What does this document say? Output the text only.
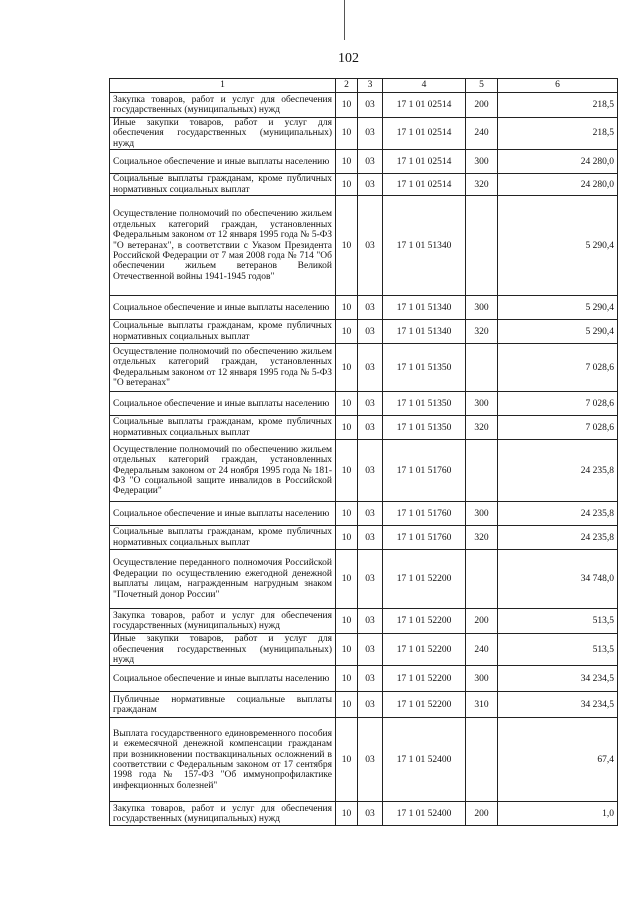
102
1	2	3	4	5	6
Закупка товаров, работ и услуг для обеспечения государственных (муниципальных) нужд	10	03	17 1 01 02514	200	218,5
Иные закупки товаров, работ и услуг для обеспечения государственных (муниципальных) нужд	10	03	17 1 01 02514	240	218,5
Социальное обеспечение и иные выплаты населению	10	03	17 1 01 02514	300	24 280,0
Социальные выплаты гражданам, кроме публичных нормативных социальных выплат	10	03	17 1 01 02514	320	24 280,0
Осуществление полномочий по обеспечению жильем отдельных категорий граждан, установленных Федеральным законом от 12 января 1995 года № 5-ФЗ "О ветеранах", в соответствии с Указом Президента Российской Федерации от 7 мая 2008 года № 714 "Об обеспечении жильем ветеранов Великой Отечественной войны 1941-1945 годов"	10	03	17 1 01 51340		5 290,4
Социальное обеспечение и иные выплаты населению	10	03	17 1 01 51340	300	5 290,4
Социальные выплаты гражданам, кроме публичных нормативных социальных выплат	10	03	17 1 01 51340	320	5 290,4
Осуществление полномочий по обеспечению жильем отдельных категорий граждан, установленных Федеральным законом от 12 января 1995 года № 5-ФЗ "О ветеранах"	10	03	17 1 01 51350		7 028,6
Социальное обеспечение и иные выплаты населению	10	03	17 1 01 51350	300	7 028,6
Социальные выплаты гражданам, кроме публичных нормативных социальных выплат	10	03	17 1 01 51350	320	7 028,6
Осуществление полномочий по обеспечению жильем отдельных категорий граждан, установленных Федеральным законом от 24 ноября 1995 года № 181-ФЗ "О социальной защите инвалидов в Российской Федерации"	10	03	17 1 01 51760		24 235,8
Социальное обеспечение и иные выплаты населению	10	03	17 1 01 51760	300	24 235,8
Социальные выплаты гражданам, кроме публичных нормативных социальных выплат	10	03	17 1 01 51760	320	24 235,8
Осуществление переданного полномочия Российской Федерации по осуществлению ежегодной денежной выплаты лицам, награжденным нагрудным знаком "Почетный донор России"	10	03	17 1 01 52200		34 748,0
Закупка товаров, работ и услуг для обеспечения государственных (муниципальных) нужд	10	03	17 1 01 52200	200	513,5
Иные закупки товаров, работ и услуг для обеспечения государственных (муниципальных) нужд	10	03	17 1 01 52200	240	513,5
Социальное обеспечение и иные выплаты населению	10	03	17 1 01 52200	300	34 234,5
Публичные нормативные социальные выплаты гражданам	10	03	17 1 01 52200	310	34 234,5
Выплата государственного единовременного пособия и ежемесячной денежной компенсации гражданам при возникновении поствакцинальных осложнений в соответствии с Федеральным законом от 17 сентября 1998 года № 157-ФЗ "Об иммунопрофилактике инфекционных болезней"	10	03	17 1 01 52400		67,4
Закупка товаров, работ и услуг для обеспечения государственных (муниципальных) нужд	10	03	17 1 01 52400	200	1,0
